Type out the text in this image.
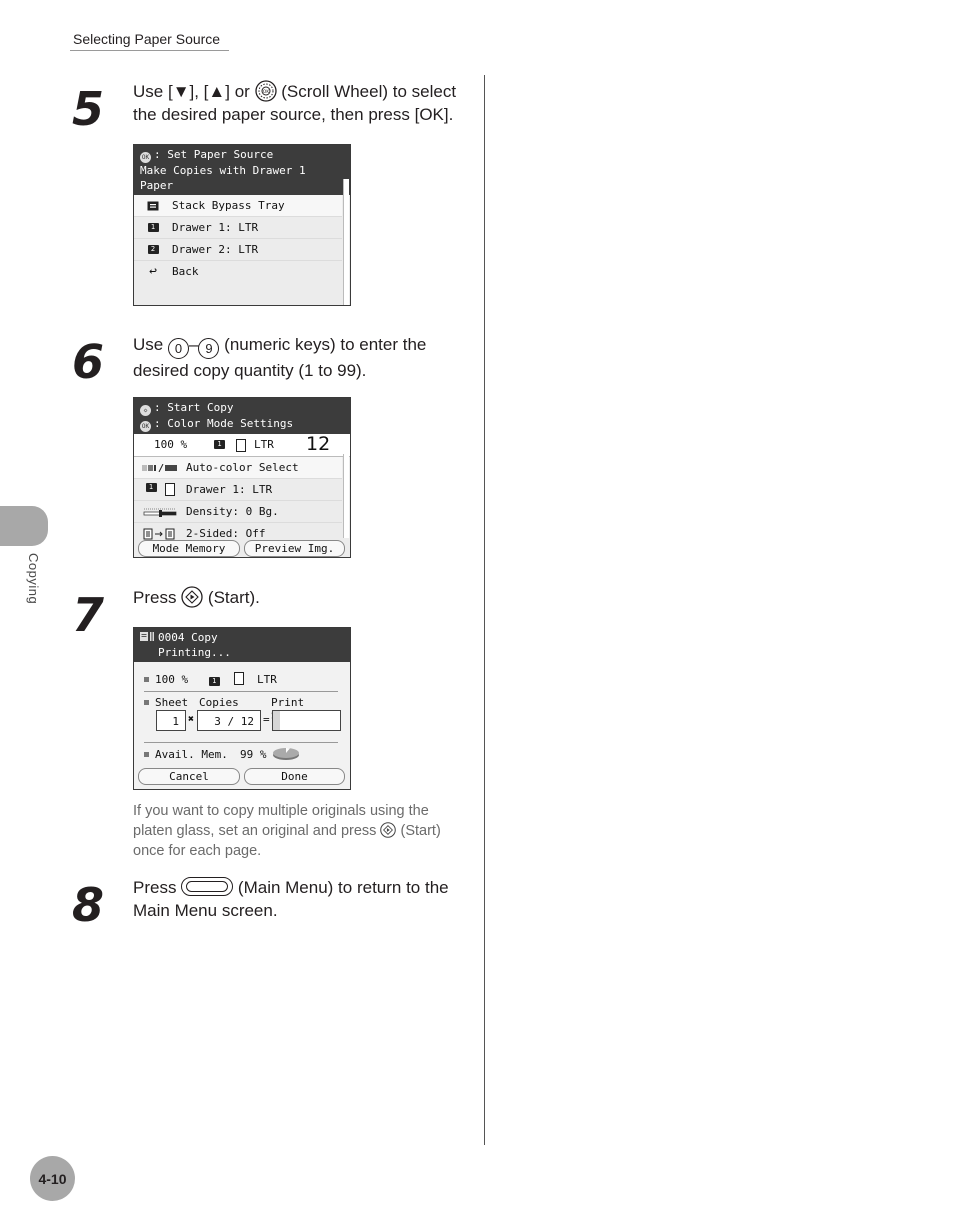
Selecting Paper Source
Copying
4-10
5 Use [▼], [▲] or OK (Scroll Wheel) to select the desired paper source, then press [OK].
OK : Set Paper Source
Make Copies with Drawer 1 Paper
Stack Bypass Tray
1	Drawer 1: LTR
2	Drawer 2: LTR
↩	Back
6 Use 0 – 9 (numeric keys) to enter the desired copy quantity (1 to 99).
◇ : Start Copy
OK : Color Mode Settings
100 %	1	LTR 12
Auto-color Select
1	Drawer 1: LTR
Density: 0 Bg.
2-Sided: Off
Mode Memory	Preview Img.
7 Press  (Start).
0004 Copy
Printing...
100 %	1	LTR
Sheet Copies	Print
1 ✖	3 / 12 =
Avail. Mem. 99 %
Cancel	Done
If you want to copy multiple originals using the platen glass, set an original and press  (Start) once for each page.
8 Press	(Main Menu) to return to the Main Menu screen.
